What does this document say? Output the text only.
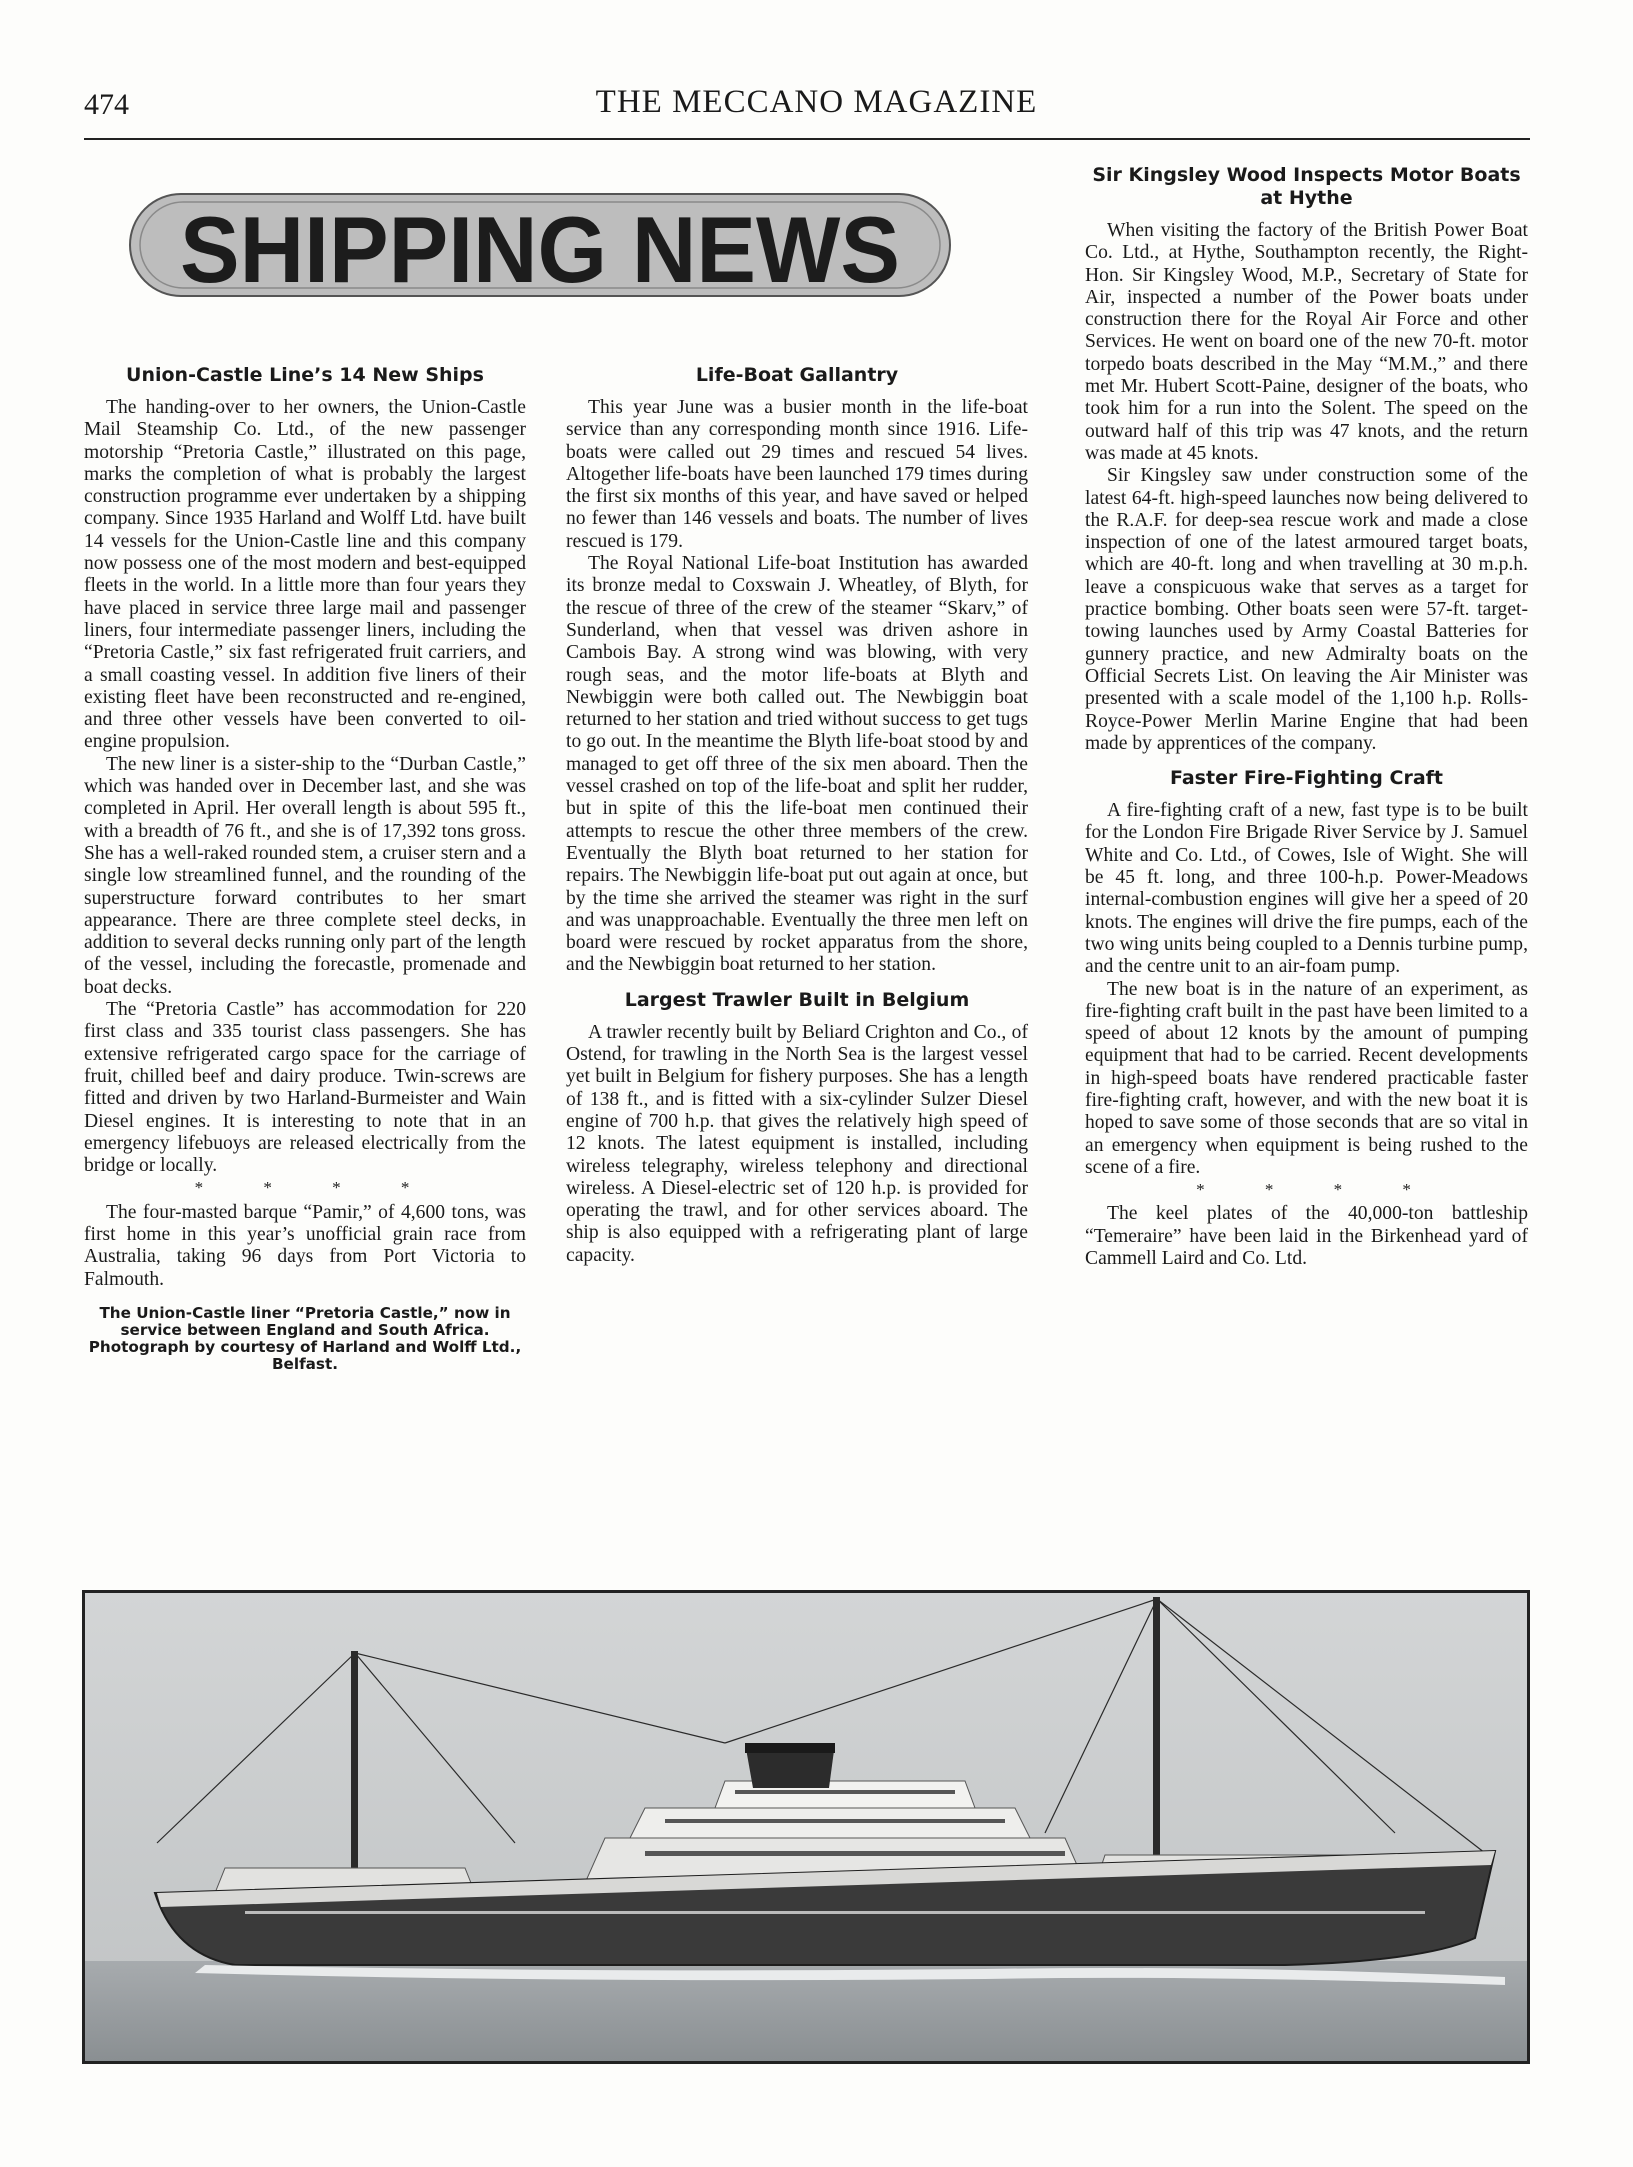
474	THE MECCANO MAGAZINE
SHIPPING NEWS
Union-Castle Line’s 14 New Ships

The handing-over to her owners, the Union-Castle Mail Steamship Co. Ltd., of the new passenger motorship “Pretoria Castle,” illustrated on this page, marks the completion of what is probably the largest construction programme ever undertaken by a shipping company. Since 1935 Harland and Wolff Ltd. have built 14 vessels for the Union-Castle line and this company now possess one of the most modern and best-equipped fleets in the world. In a little more than four years they have placed in service three large mail and passenger liners, four intermediate passenger liners, including the “Pretoria Castle,” six fast refrigerated fruit carriers, and a small coasting vessel. In addition five liners of their existing fleet have been reconstructed and re-engined, and three other vessels have been converted to oil-engine propulsion.

The new liner is a sister-ship to the “Durban Castle,” which was handed over in December last, and she was completed in April. Her overall length is about 595 ft., with a breadth of 76 ft., and she is of 17,392 tons gross. She has a well-raked rounded stem, a cruiser stern and a single low streamlined funnel, and the rounding of the superstructure forward contributes to her smart appearance. There are three complete steel decks, in addition to several decks running only part of the length of the vessel, including the forecastle, promenade and boat decks.

The “Pretoria Castle” has accommodation for 220 first class and 335 tourist class passengers. She has extensive refrigerated cargo space for the carriage of fruit, chilled beef and dairy produce. Twin-screws are fitted and driven by two Harland-Burmeister and Wain Diesel engines. It is interesting to note that in an emergency lifebuoys are released electrically from the bridge or locally.

* * * *

The four-masted barque “Pamir,” of 4,600 tons, was first home in this year’s unofficial grain race from Australia, taking 96 days from Port Victoria to Falmouth.

The Union-Castle liner “Pretoria Castle,” now in service between England and South Africa. Photograph by courtesy of Harland and Wolff Ltd., Belfast.
Life-Boat Gallantry

This year June was a busier month in the life-boat service than any corresponding month since 1916. Life-boats were called out 29 times and rescued 54 lives. Altogether life-boats have been launched 179 times during the first six months of this year, and have saved or helped no fewer than 146 vessels and boats. The number of lives rescued is 179.

The Royal National Life-boat Institution has awarded its bronze medal to Coxswain J. Wheatley, of Blyth, for the rescue of three of the crew of the steamer “Skarv,” of Sunderland, when that vessel was driven ashore in Cambois Bay. A strong wind was blowing, with very rough seas, and the motor life-boats at Blyth and Newbiggin were both called out. The Newbiggin boat returned to her station and tried without success to get tugs to go out. In the meantime the Blyth life-boat stood by and managed to get off three of the six men aboard. Then the vessel crashed on top of the life-boat and split her rudder, but in spite of this the life-boat men continued their attempts to rescue the other three members of the crew. Eventually the Blyth boat returned to her station for repairs. The Newbiggin life-boat put out again at once, but by the time she arrived the steamer was right in the surf and was unapproachable. Eventually the three men left on board were rescued by rocket apparatus from the shore, and the Newbiggin boat returned to her station.

Largest Trawler Built in Belgium

A trawler recently built by Beliard Crighton and Co., of Ostend, for trawling in the North Sea is the largest vessel yet built in Belgium for fishery purposes. She has a length of 138 ft., and is fitted with a six-cylinder Sulzer Diesel engine of 700 h.p. that gives the relatively high speed of 12 knots. The latest equipment is installed, including wireless telegraphy, wireless telephony and directional wireless. A Diesel-electric set of 120 h.p. is provided for operating the trawl, and for other services aboard. The ship is also equipped with a refrigerating plant of large capacity.

Sir Kingsley Wood Inspects Motor Boats at Hythe

When visiting the factory of the British Power Boat Co. Ltd., at Hythe, Southampton recently, the Right-Hon. Sir Kingsley Wood, M.P., Secretary of State for Air, inspected a number of the Power boats under construction there for the Royal Air Force and other Services. He went on board one of the new 70-ft. motor torpedo boats described in the May “M.M.,” and there met Mr. Hubert Scott-Paine, designer of the boats, who took him for a run into the Solent. The speed on the outward half of this trip was 47 knots, and the return was made at 45 knots.

Sir Kingsley saw under construction some of the latest 64-ft. high-speed launches now being delivered to the R.A.F. for deep-sea rescue work and made a close inspection of one of the latest armoured target boats, which are 40-ft. long and when travelling at 30 m.p.h. leave a conspicuous wake that serves as a target for practice bombing. Other boats seen were 57-ft. target-towing launches used by Army Coastal Batteries for gunnery practice, and new Admiralty boats on the Official Secrets List. On leaving the Air Minister was presented with a scale model of the 1,100 h.p. Rolls-Royce-Power Merlin Marine Engine that had been made by apprentices of the company.

Faster Fire-Fighting Craft

A fire-fighting craft of a new, fast type is to be built for the London Fire Brigade River Service by J. Samuel White and Co. Ltd., of Cowes, Isle of Wight. She will be 45 ft. long, and three 100-h.p. Power-Meadows internal-combustion engines will give her a speed of 20 knots. The engines will drive the fire pumps, each of the two wing units being coupled to a Dennis turbine pump, and the centre unit to an air-foam pump.

The new boat is in the nature of an experiment, as fire-fighting craft built in the past have been limited to a speed of about 12 knots by the amount of pumping equipment that had to be carried. Recent developments in high-speed boats have rendered practicable faster fire-fighting craft, however, and with the new boat it is hoped to save some of those seconds that are so vital in an emergency when equipment is being rushed to the scene of a fire.

* * * *

The keel plates of the 40,000-ton battleship “Temeraire” have been laid in the Birkenhead yard of Cammell Laird and Co. Ltd.
